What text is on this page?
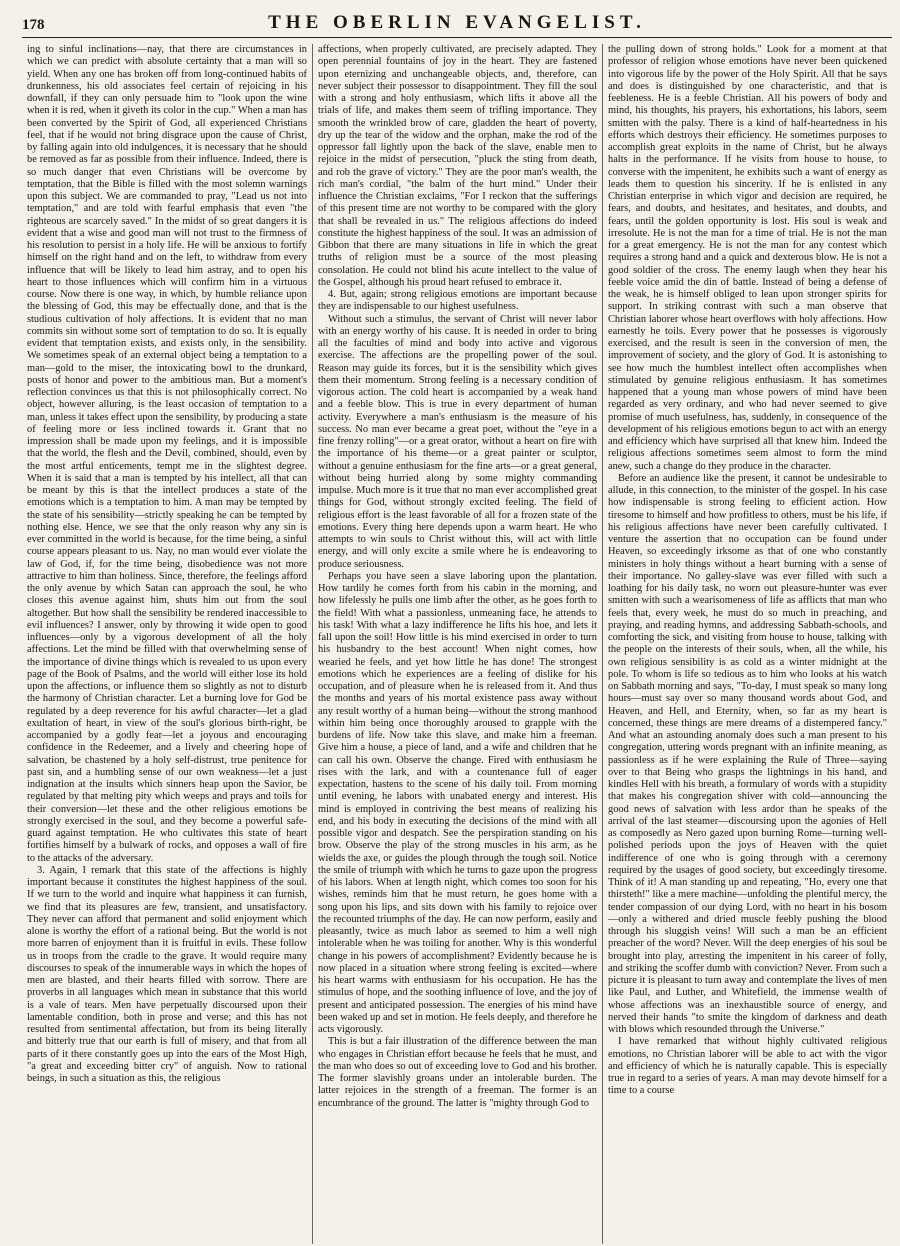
178	THE OBERLIN EVANGELIST.

ing to sinful inclinations—nay, that there are circumstances in which we can predict with absolute certainty that a man will so yield. When any one has broken off from long-continued habits of drunkenness, his old associates feel certain of rejoicing in his downfall, if they can only persuade him to "look upon the wine when it is red, when it giveth its color in the cup." When a man has been converted by the Spirit of God, all experienced Christians feel, that if he would not bring disgrace upon the cause of Christ, by falling again into old indulgences, it is necessary that he should be removed as far as possible from their influence. Indeed, there is so much danger that even Christians will be overcome by temptation, that the Bible is filled with the most solemn warnings upon this subject. We are commanded to pray, "Lead us not into temptation," and are told with fearful emphasis that even "the righteous are scarcely saved." In the midst of so great dangers it is evident that a wise and good man will not trust to the firmness of his resolution to persist in a holy life. He will be anxious to fortify himself on the right hand and on the left, to withdraw from every influence that will be likely to lead him astray, and to open his heart to those influences which will confirm him in a virtuous course. Now there is one way, in which, by humble reliance upon the blessing of God, this may be effectually done, and that is the studious cultivation of holy affections. It is evident that no man commits sin without some sort of temptation to do so. It is equally evident that temptation exists, and exists only, in the sensibility. We sometimes speak of an external object being a temptation to a man—gold to the miser, the intoxicating bowl to the drunkard, posts of honor and power to the ambitious man. But a moment's reflection convinces us that this is not philosophically correct. No object, however alluring, is the least occasion of temptation to a man, unless it takes effect upon the sensibility, by producing a state of feeling more or less inclined towards it. Grant that no impression shall be made upon my feelings, and it is impossible that the world, the flesh and the Devil, combined, should, even by the most artful enticements, tempt me in the slightest degree. When it is said that a man is tempted by his intellect, all that can be meant by this is that the intellect produces a state of the emotions which is a temptation to him. A man may be tempted by the state of his sensibility—strictly speaking he can be tempted by nothing else. Hence, we see that the only reason why any sin is ever committed in the world is because, for the time being, a sinful course appears pleasant to us. Nay, no man would ever violate the law of God, if, for the time being, disobedience was not more attractive to him than holiness. Since, therefore, the feelings afford the only avenue by which Satan can approach the soul, he who closes this avenue against him, shuts him out from the soul altogether. But how shall the sensibility be rendered inaccessible to evil influences? I answer, only by throwing it wide open to good influences—only by a vigorous development of all the holy affections. Let the mind be filled with that overwhelming sense of the importance of divine things which is revealed to us upon every page of the Book of Psalms, and the world will either lose its hold upon the affections, or influence them so slightly as not to disturb the harmony of Christian character. Let a burning love for God be regulated by a deep reverence for his awful character—let a glad exultation of heart, in view of the soul's glorious birth-right, be accompanied by a godly fear—let a joyous and encouraging confidence in the Redeemer, and a lively and cheering hope of salvation, be chastened by a holy self-distrust, true penitence for past sin, and a humbling sense of our own weakness—let a just indignation at the insults which sinners heap upon the Savior, be regulated by that melting pity which weeps and prays and toils for their conversion—let these and the other religious emotions be strongly exercised in the soul, and they become a powerful safe-guard against temptation. He who cultivates this state of heart fortifies himself by a bulwark of rocks, and opposes a wall of fire to the attacks of the adversary.

3. Again, I remark that this state of the affections is highly important because it constitutes the highest happiness of the soul. If we turn to the world and inquire what happiness it can furnish, we find that its pleasures are few, transient, and unsatisfactory. They never can afford that permanent and solid enjoyment which alone is worthy the effort of a rational being. But the world is not more barren of enjoyment than it is fruitful in evils. These follow us in troops from the cradle to the grave. It would require many discourses to speak of the innumerable ways in which the hopes of men are blasted, and their hearts filled with sorrow. There are proverbs in all languages which mean in substance that this world is a vale of tears. Men have perpetually discoursed upon their lamentable condition, both in prose and verse; and this has not resulted from sentimental affectation, but from its being literally and bitterly true that our earth is full of misery, and that from all parts of it there constantly goes up into the ears of the Most High, "a great and exceeding bitter cry" of anguish. Now to rational beings, in such a situation as this, the religious

affections, when properly cultivated, are precisely adapted. They open perennial fountains of joy in the heart. They are fastened upon eternizing and unchangeable objects, and, therefore, can never subject their possessor to disappointment. They fill the soul with a strong and holy enthusiasm, which lifts it above all the trials of life, and makes them seem of trifling importance. They smooth the wrinkled brow of care, gladden the heart of poverty, dry up the tear of the widow and the orphan, make the rod of the oppressor fall lightly upon the back of the slave, enable men to rejoice in the midst of persecution, "pluck the sting from death, and rob the grave of victory." They are the poor man's wealth, the rich man's cordial, "the balm of the hurt mind." Under their influence the Christian exclaims, "For I reckon that the sufferings of this present time are not worthy to be compared with the glory that shall be revealed in us." The religious affections do indeed constitute the highest happiness of the soul. It was an admission of Gibbon that there are many situations in life in which the great truths of religion must be a source of the most pleasing consolation. He could not blind his acute intellect to the value of the Gospel, although his proud heart refused to embrace it.

4. But, again; strong religious emotions are important because they are indispensable to our highest usefulness.

Without such a stimulus, the servant of Christ will never labor with an energy worthy of his cause. It is needed in order to bring all the faculties of mind and body into active and vigorous exercise. The affections are the propelling power of the soul. Reason may guide its forces, but it is the sensibility which gives them their momentum. Strong feeling is a necessary condition of vigorous action. The cold heart is accompanied by a weak hand and a feeble blow. This is true in every department of human activity. Everywhere a man's enthusiasm is the measure of his success. No man ever became a great poet, without the "eye in a fine frenzy rolling"—or a great orator, without a heart on fire with the importance of his theme—or a great painter or sculptor, without a genuine enthusiasm for the fine arts—or a great general, without being hurried along by some mighty commanding impulse. Much more is it true that no man ever accomplished great things for God, without strongly excited feeling. The field of religious effort is the least favorable of all for a frozen state of the emotions. Every thing here depends upon a warm heart. He who attempts to win souls to Christ without this, will act with little energy, and will only excite a smile where he is endeavoring to produce seriousness.

Perhaps you have seen a slave laboring upon the plantation. How tardily he comes forth from his cabin in the morning, and how lifelessly he pulls one limb after the other, as he goes forth to the field! With what a passionless, unmeaning face, he attends to his task! With what a lazy indifference he lifts his hoe, and lets it fall upon the soil! How little is his mind exercised in order to turn his husbandry to the best account! When night comes, how wearied he feels, and yet how little he has done! The strongest emotions which he experiences are a feeling of dislike for his occupation, and of pleasure when he is released from it. And thus the months and years of his mortal existence pass away without any result worthy of a human being—without the strong manhood within him being once thoroughly aroused to grapple with the burdens of life. Now take this slave, and make him a freeman. Give him a house, a piece of land, and a wife and children that he can call his own. Observe the change. Fired with enthusiasm he rises with the lark, and with a countenance full of eager expectation, hastens to the scene of his daily toil. From morning until evening, he labors with unabated energy and interest. His mind is employed in contriving the best means of realizing his end, and his body in executing the decisions of the mind with all possible vigor and despatch. See the perspiration standing on his brow. Observe the play of the strong muscles in his arm, as he wields the axe, or guides the plough through the tough soil. Notice the smile of triumph with which he turns to gaze upon the progress of his labors. When at length night, which comes too soon for his wishes, reminds him that he must return, he goes home with a song upon his lips, and sits down with his family to rejoice over the recounted triumphs of the day. He can now perform, easily and pleasantly, twice as much labor as seemed to him a well nigh intolerable when he was toiling for another. Why is this wonderful change in his powers of accomplishment? Evidently because he is now placed in a situation where strong feeling is excited—where his heart warms with enthusiasm for his occupation. He has the stimulus of hope, and the soothing influence of love, and the joy of present and anticipated possession. The energies of his mind have been waked up and set in motion. He feels deeply, and therefore he acts vigorously.

This is but a fair illustration of the difference between the man who engages in Christian effort because he feels that he must, and the man who does so out of exceeding love to God and his brother. The former slavishly groans under an intolerable burden. The latter rejoices in the strength of a freeman. The former is an encumbrance of the ground. The latter is "mighty through God to

the pulling down of strong holds." Look for a moment at that professor of religion whose emotions have never been quickened into vigorous life by the power of the Holy Spirit. All that he says and does is distinguished by one characteristic, and that is feebleness. He is a feeble Christian. All his powers of body and mind, his thoughts, his prayers, his exhortations, his labors, seem smitten with the palsy. There is a kind of half-heartedness in his efforts which destroys their efficiency. He sometimes purposes to accomplish great exploits in the name of Christ, but he always halts in the performance. If he visits from house to house, to converse with the impenitent, he exhibits such a want of energy as leads them to question his sincerity. If he is enlisted in any Christian enterprise in which vigor and decision are required, he fears, and doubts, and hesitates, and hesitates, and doubts, and fears, until the golden opportunity is lost. His soul is weak and irresolute. He is not the man for a time of trial. He is not the man for a great emergency. He is not the man for any contest which requires a strong hand and a quick and dexterous blow. He is not a good soldier of the cross. The enemy laugh when they hear his feeble voice amid the din of battle. Instead of being a defense of the weak, he is himself obliged to lean upon stronger spirits for support. In striking contrast with such a man observe that Christian laborer whose heart overflows with holy affections. How earnestly he toils. Every power that he possesses is vigorously exercised, and the result is seen in the conversion of men, the improvement of society, and the glory of God. It is astonishing to see how much the humblest intellect often accomplishes when stimulated by genuine religious enthusiasm. It has sometimes happened that a young man whose powers of mind have been regarded as very ordinary, and who had never seemed to give promise of much usefulness, has, suddenly, in consequence of the development of his religious emotions begun to act with an energy and efficiency which have surprised all that knew him. Indeed the religious affections sometimes seem almost to form the mind anew, such a change do they produce in the character.

Before an audience like the present, it cannot be undesirable to allude, in this connection, to the minister of the gospel. In his case how indispensable is strong feeling to efficient action. How tiresome to himself and how profitless to others, must be his life, if his religious affections have never been carefully cultivated. I venture the assertion that no occupation can be found under Heaven, so exceedingly irksome as that of one who constantly ministers in holy things without a heart burning with a sense of their importance. No galley-slave was ever filled with such a loathing for his daily task, no worn out pleasure-hunter was ever smitten with such a wearisomeness of life as afflicts that man who feels that, every week, he must do so much in preaching, and praying, and reading hymns, and addressing Sabbath-schools, and comforting the sick, and visiting from house to house, talking with the people on the interests of their souls, when, all the while, his own religious sensibility is as cold as a winter midnight at the pole. To whom is life so tedious as to him who looks at his watch on Sabbath morning and says, "To-day, I must speak so many long hours—must say over so many thousand words about God, and Heaven, and Hell, and Eternity, when, so far as my heart is concerned, these things are mere dreams of a distempered fancy." And what an astounding anomaly does such a man present to his congregation, uttering words pregnant with an infinite meaning, as passionless as if he were explaining the Rule of Three—saying over to that Being who grasps the lightnings in his hand, and kindles Hell with his breath, a formulary of words with a stupidity that makes his congregation shiver with cold—announcing the good news of salvation with less ardor than he speaks of the arrival of the last steamer—discoursing upon the agonies of Hell as composedly as Nero gazed upon burning Rome—turning well-polished periods upon the joys of Heaven with the quiet indifference of one who is going through with a ceremony required by the usages of good society, but exceedingly tiresome. Think of it! A man standing up and repeating, "Ho, every one that thirsteth!" like a mere machine—unfolding the plentiful mercy, the tender compassion of our dying Lord, with no heart in his bosom—only a withered and dried muscle feebly pushing the blood through his sluggish veins! Will such a man be an efficient preacher of the word? Never. Will the deep energies of his soul be brought into play, arresting the impenitent in his career of folly, and striking the scoffer dumb with conviction? Never. From such a picture it is pleasant to turn away and contemplate the lives of men like Paul, and Luther, and Whitefield, the immense wealth of whose affections was an inexhaustible source of energy, and nerved their hands "to smite the kingdom of darkness and death with blows which resounded through the Universe."

I have remarked that without highly cultivated religious emotions, no Christian laborer will be able to act with the vigor and efficiency of which he is naturally capable. This is especially true in regard to a series of years. A man may devote himself for a time to a course
